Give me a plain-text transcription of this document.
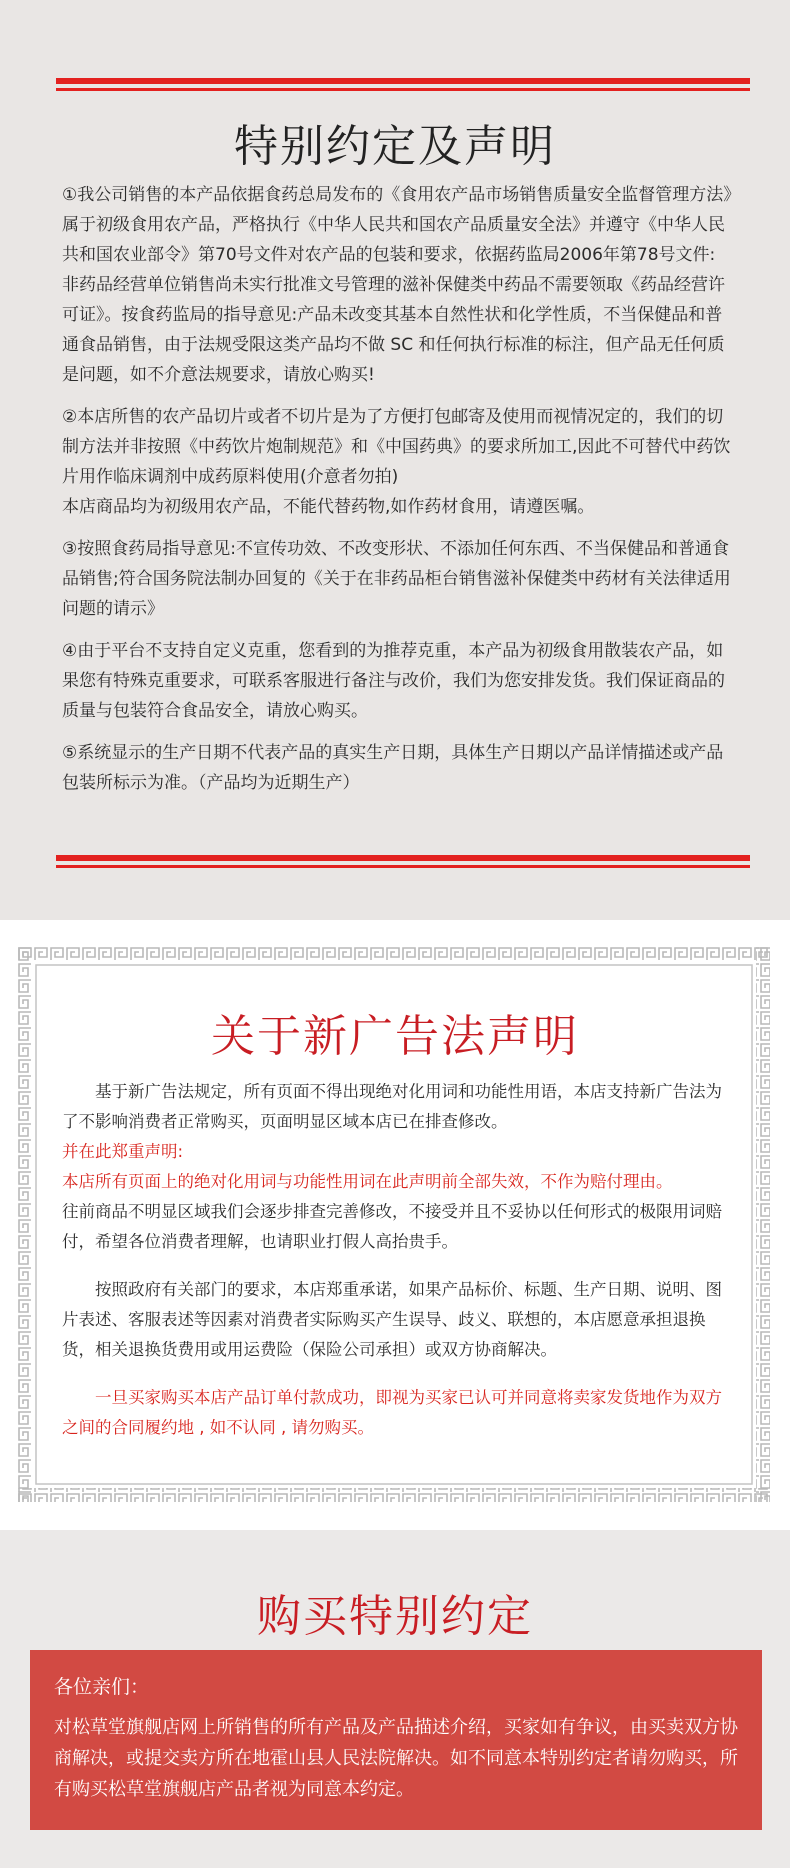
特别约定及声明

①我公司销售的本产品依据食药总局发布的《食用农产品市场销售质量安全监督管理方法》属于初级食用农产品，严格执行《中华人民共和国农产品质量安全法》并遵守《中华人民共和国农业部令》第70号文件对农产品的包装和要求，依据药监局2006年第78号文件:非药品经营单位销售尚未实行批准文号管理的滋补保健类中药品不需要领取《药品经营许可证》。按食药监局的指导意见:产品未改变其基本自然性状和化学性质，不当保健品和普通食品销售，由于法规受限这类产品均不做 SC 和任何执行标准的标注，但产品无任何质是问题，如不介意法规要求，请放心购买!

②本店所售的农产品切片或者不切片是为了方便打包邮寄及使用而视情况定的，我们的切制方法并非按照《中药饮片炮制规范》和《中国药典》的要求所加工,因此不可替代中药饮片用作临床调剂中成药原料使用(介意者勿拍)

本店商品均为初级用农产品，不能代替药物,如作药材食用，请遵医嘱。

③按照食药局指导意见:不宣传功效、不改变形状、不添加任何东西、不当保健品和普通食品销售;符合国务院法制办回复的《关于在非药品柜台销售滋补保健类中药材有关法律适用问题的请示》

④由于平台不支持自定义克重，您看到的为推荐克重，本产品为初级食用散装农产品，如果您有特殊克重要求，可联系客服进行备注与改价，我们为您安排发货。我们保证商品的质量与包装符合食品安全，请放心购买。

⑤系统显示的生产日期不代表产品的真实生产日期，具体生产日期以产品详情描述或产品包装所标示为准。（产品均为近期生产）

关于新广告法声明

基于新广告法规定，所有页面不得出现绝对化用词和功能性用语，本店支持新广告法为了不影响消费者正常购买，页面明显区域本店已在排查修改。

并在此郑重声明:

本店所有页面上的绝对化用词与功能性用词在此声明前全部失效，不作为赔付理由。

往前商品不明显区域我们会逐步排查完善修改，不接受并且不妥协以任何形式的极限用词赔付，希望各位消费者理解，也请职业打假人高抬贵手。

按照政府有关部门的要求，本店郑重承诺，如果产品标价、标题、生产日期、说明、图片表述、客服表述等因素对消费者实际购买产生误导、歧义、联想的，本店愿意承担退换货，相关退换货费用或用运费险（保险公司承担）或双方协商解决。

一旦买家购买本店产品订单付款成功，即视为买家已认可并同意将卖家发货地作为双方之间的合同履约地 , 如不认同 , 请勿购买。

购买特别约定
各位亲们：
对松草堂旗舰店网上所销售的所有产品及产品描述介绍，买家如有争议，由买卖双方协商解决，或提交卖方所在地霍山县人民法院解决。如不同意本特别约定者请勿购买，所有购买松草堂旗舰店产品者视为同意本约定。
